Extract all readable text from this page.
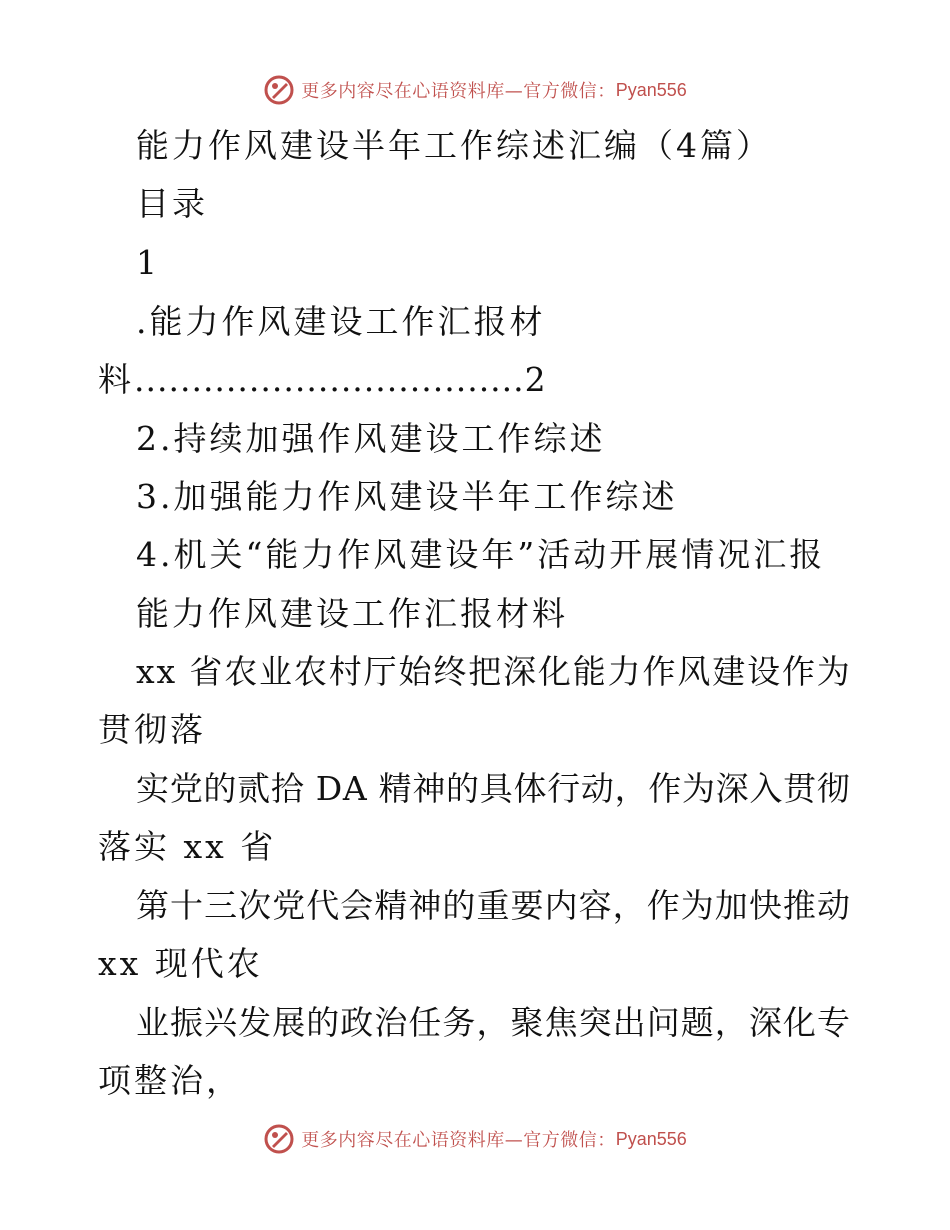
更多内容尽在心语资料库—官方微信： Pyan556
能力作风建设半年工作综述汇编（4篇）
目录
1
.能力作风建设工作汇报材
料..................................2
2.持续加强作风建设工作综述
3.加强能力作风建设半年工作综述
4.机关“能力作风建设年”活动开展情况汇报
能力作风建设工作汇报材料
x x
省 农 业 农 村 厅 始 终 把 深 化 能 力 作 风 建 设 作 为
贯彻落
实 党 的 贰 拾
D A
精 神 的 具 体 行 动 ， 作 为 深 入 贯 彻
落实 xx 省
第 十 三 次 党 代 会 精 神 的 重 要 内 容 ， 作 为 加 快 推 动
xx 现代农
业 振 兴 发 展 的 政 治 任 务 ， 聚 焦 突 出 问 题 ， 深 化 专
项整治，
更多内容尽在心语资料库—官方微信： Pyan556
